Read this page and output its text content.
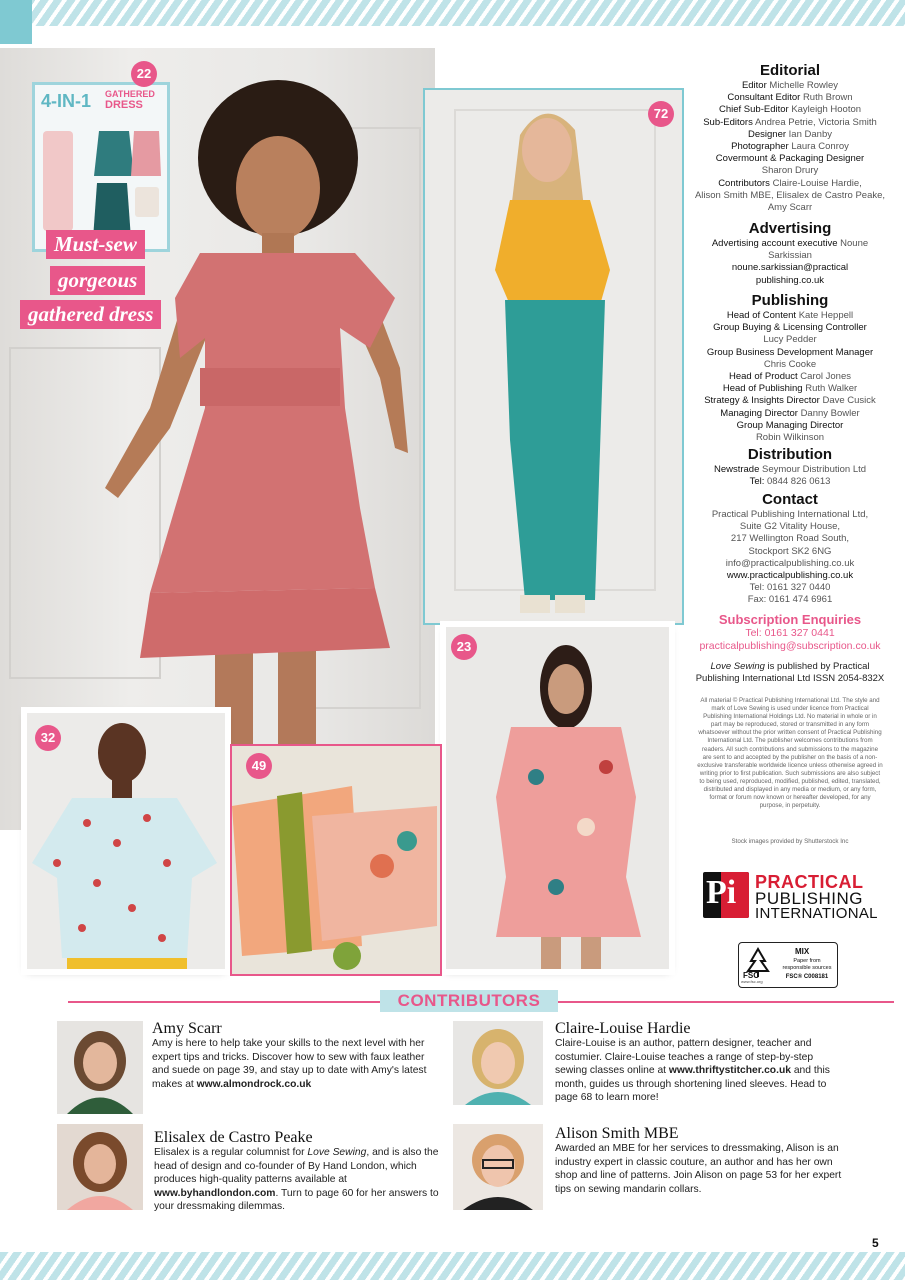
4-IN-1 GATHERED
DRESS
22
Must-sew
gorgeous
gathered dress
72
23
32
49
Editorial
Editor Michelle Rowley
Consultant Editor Ruth Brown
Chief Sub-Editor Kayleigh Hooton
Sub-Editors Andrea Petrie, Victoria Smith
Designer Ian Danby
Photographer Laura Conroy
Covermount & Packaging Designer
Sharon Drury
Contributors Claire-Louise Hardie,
Alison Smith MBE, Elisalex de Castro Peake,
Amy Scarr
Advertising
Advertising account executive Noune Sarkissian
noune.sarkissian@practical
publishing.co.uk
Publishing
Head of Content Kate Heppell
Group Buying & Licensing Controller
Lucy Pedder
Group Business Development Manager
Chris Cooke
Head of Product Carol Jones
Head of Publishing Ruth Walker
Strategy & Insights Director Dave Cusick
Managing Director Danny Bowler
Group Managing Director
Robin Wilkinson
Distribution
Newstrade Seymour Distribution Ltd
Tel: 0844 826 0613
Contact
Practical Publishing International Ltd,
Suite G2 Vitality House,
217 Wellington Road South,
Stockport SK2 6NG
info@practicalpublishing.co.uk
www.practicalpublishing.co.uk
Tel: 0161 327 0440
Fax: 0161 474 6961
Subscription Enquiries
Tel: 0161 327 0441
practicalpublishing@subscription.co.uk
Love Sewing is published by Practical Publishing International Ltd ISSN 2054-832X
All material © Practical Publishing International Ltd. The style and mark of Love Sewing is used under licence from Practical Publishing International Holdings Ltd. No material in whole or in part may be reproduced, stored or transmitted in any form whatsoever without the prior written consent of Practical Publishing International Ltd. The publisher welcomes contributions from readers. All such contributions and submissions to the magazine are sent to and accepted by the publisher on the basis of a non-exclusive transferable worldwide licence unless otherwise agreed in writing prior to first publication. Such submissions are also subject to being used, reproduced, modified, published, edited, translated, distributed and displayed in any media or medium, or any form, format or forum now known or hereafter developed, for any purpose, in perpetuity.
Stock images provided by Shutterstock Inc
Pi PRACTICAL
PUBLISHING
INTERNATIONAL
FSC
www.fsc.org
MIX
Paper from
responsible sources
FSC® C008181
CONTRIBUTORS
Amy Scarr
Amy is here to help take your skills to the next level with her expert tips and tricks. Discover how to sew with faux leather and suede on page 39, and stay up to date with Amy's latest makes at www.almondrock.co.uk
Claire-Louise Hardie
Claire-Louise is an author, pattern designer, teacher and costumier. Claire-Louise teaches a range of step-by-step sewing classes online at www.thriftystitcher.co.uk and this month, guides us through shortening lined sleeves. Head to page 68 to learn more!
Elisalex de Castro Peake
Elisalex is a regular columnist for Love Sewing, and is also the head of design and co-founder of By Hand London, which produces high-quality patterns available at www.byhandlondon.com. Turn to page 60 for her answers to your dressmaking dilemmas.
Alison Smith MBE
Awarded an MBE for her services to dressmaking, Alison is an industry expert in classic couture, an author and has her own shop and line of patterns. Join Alison on page 53 for her expert tips on sewing mandarin collars.
5
